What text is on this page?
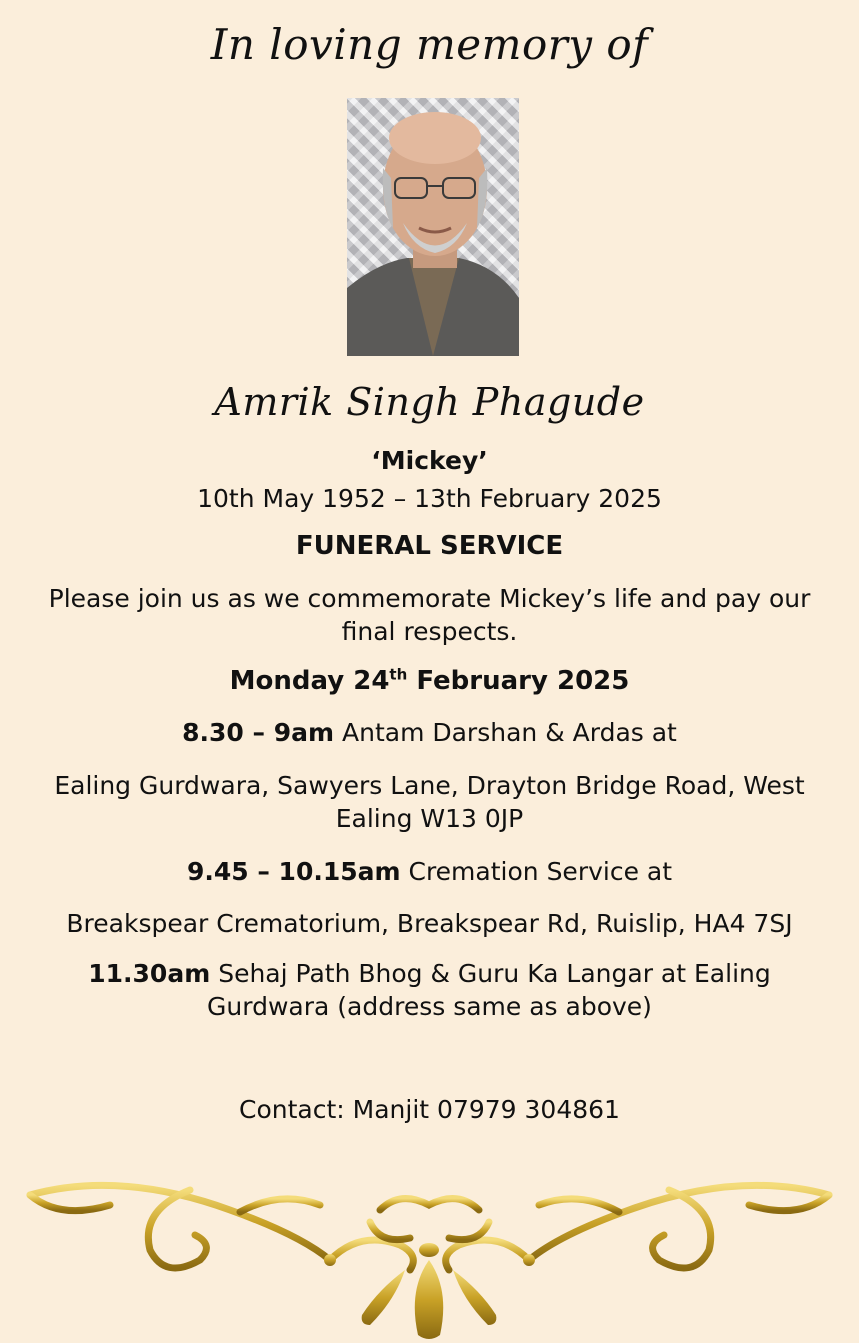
In loving memory of
Amrik Singh Phagude
‘Mickey’
10th May 1952 – 13th February 2025
FUNERAL SERVICE
Please join us as we commemorate Mickey’s life and pay our final respects.
Monday 24th February 2025
8.30 – 9am Antam Darshan & Ardas at
Ealing Gurdwara, Sawyers Lane, Drayton Bridge Road, West Ealing W13 0JP
9.45 – 10.15am Cremation Service at
Breakspear Crematorium, Breakspear Rd, Ruislip, HA4 7SJ
11.30am Sehaj Path Bhog & Guru Ka Langar at Ealing Gurdwara (address same as above)
Contact: Manjit 07979 304861
